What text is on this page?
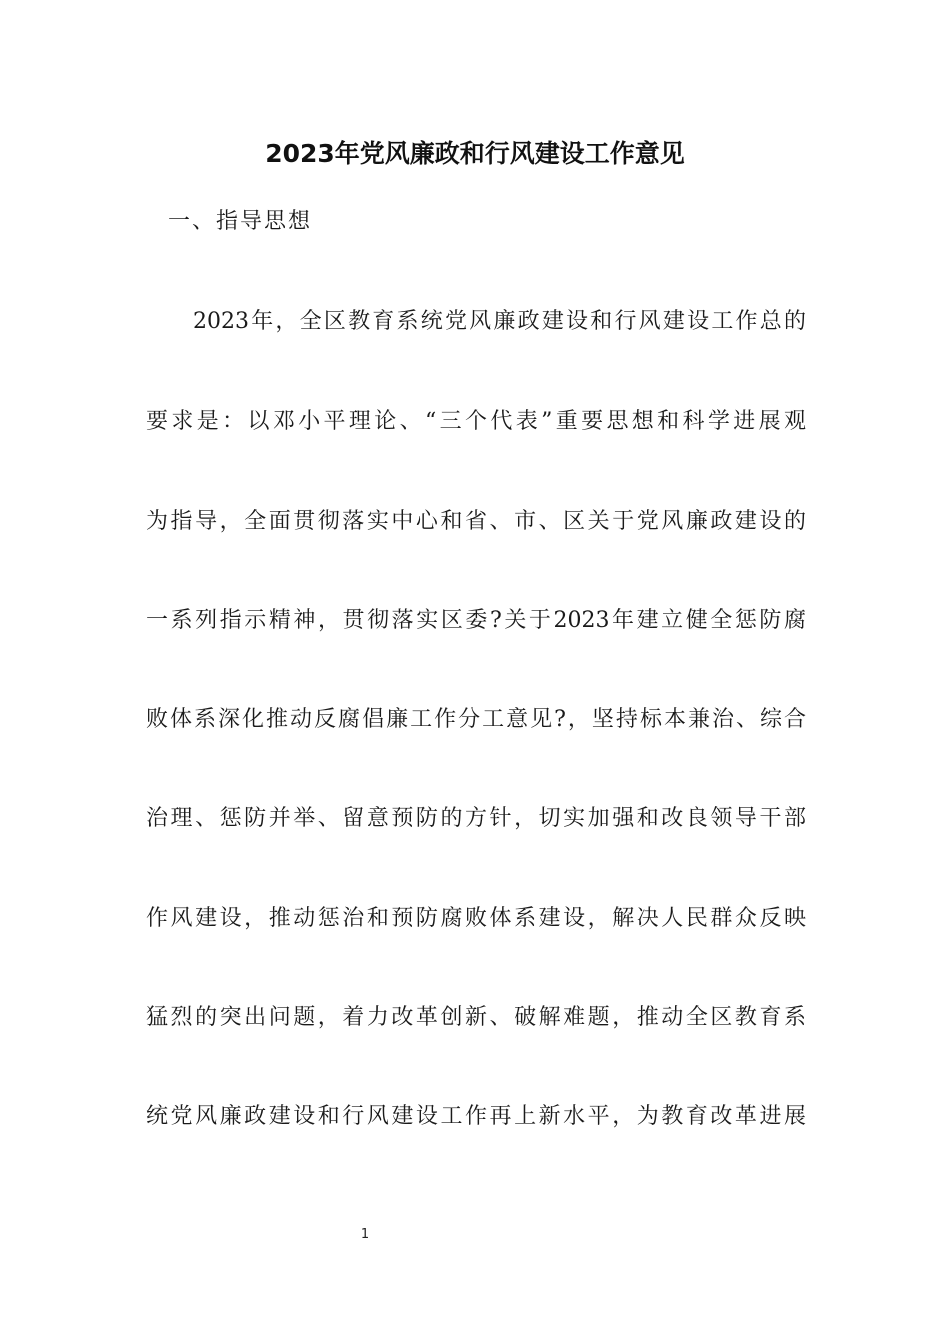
2023年党风廉政和行风建设工作意见
一、指导思想
2023年，全区教育系统党风廉政建设和行风建设工作总的
要求是：以邓小平理论、“三个代表”重要思想和科学进展观
为指导，全面贯彻落实中心和省、市、区关于党风廉政建设的
一系列指示精神，贯彻落实区委?关于2023年建立健全惩防腐
败体系深化推动反腐倡廉工作分工意见?，坚持标本兼治、综合
治理、惩防并举、留意预防的方针，切实加强和改良领导干部
作风建设，推动惩治和预防腐败体系建设，解决人民群众反映
猛烈的突出问题，着力改革创新、破解难题，推动全区教育系
统党风廉政建设和行风建设工作再上新水平，为教育改革进展
1
